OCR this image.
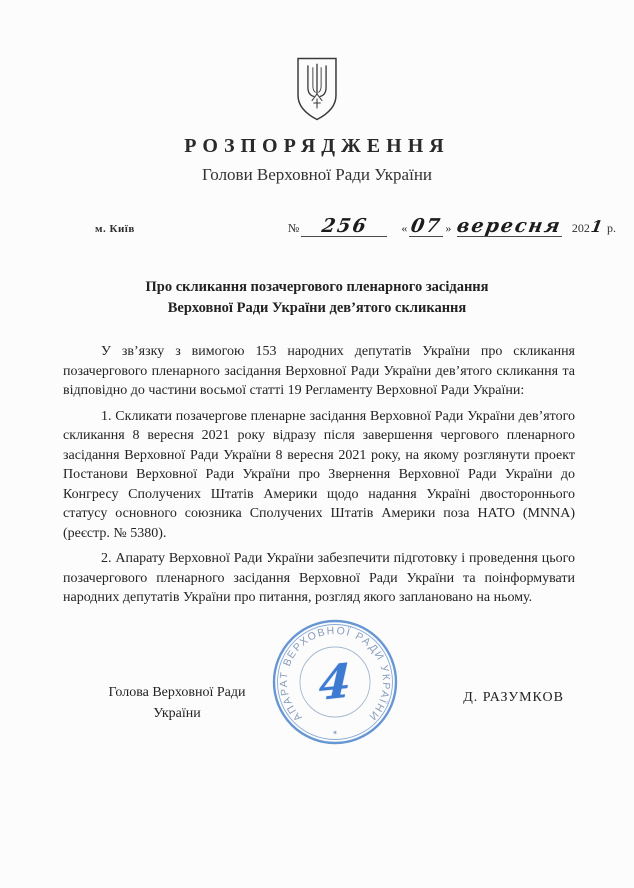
РОЗПОРЯДЖЕННЯ
Голови Верховної Ради України
м. Київ	№	256	« 07 » вересня 202 1 р.
Про скликання позачергового пленарного засідання
Верховної Ради України дев’ятого скликання

У зв’язку з вимогою 153 народних депутатів України про скликання позачергового пленарного засідання Верховної Ради України дев’ятого скликання та відповідно до частини восьмої статті 19 Регламенту Верховної Ради України:

1. Скликати позачергове пленарне засідання Верховної Ради України дев’ятого скликання 8 вересня 2021 року відразу після завершення чергового пленарного засідання Верховної Ради України 8 вересня 2021 року, на якому розглянути проект Постанови Верховної Ради України про Звернення Верховної Ради України до Конгресу Сполучених Штатів Америки щодо надання Україні двостороннього статусу основного союзника Сполучених Штатів Америки поза НАТО (MNNA) (реєстр. № 5380).

2. Апарату Верховної Ради України забезпечити підготовку і проведення цього позачергового пленарного засідання Верховної Ради України та поінформувати народних депутатів України про питання, розгляд якого заплановано на ньому.

АПАРАТ ВЕРХОВНОЇ РАДИ УКРАЇНИ
✶
4
Голова Верховної Ради
України
Д. РАЗУМКОВ
